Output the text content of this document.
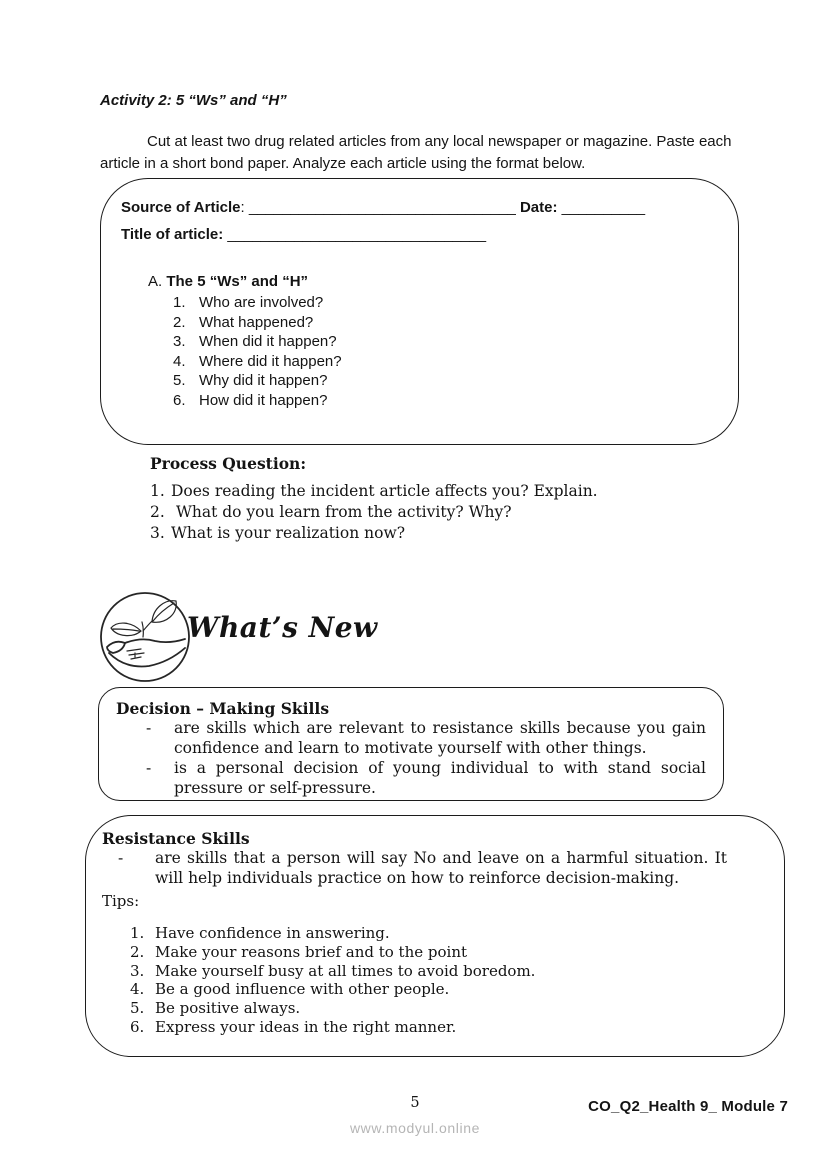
Activity 2: 5 “Ws” and “H”
Cut at least two drug related articles from any local newspaper or magazine. Paste each article in a short bond paper. Analyze each article using the format below.
Source of Article: ________________________________ Date: __________
Title of article: _______________________________
A. The 5 “Ws” and “H”
1. Who are involved?
2. What happened?
3. When did it happen?
4. Where did it happen?
5. Why did it happen?
6. How did it happen?
Process Question:
1. Does reading the incident article affects you? Explain.
2. What do you learn from the activity? Why?
3. What is your realization now?
What’s New
Decision – Making Skills
-	are skills which are relevant to resistance skills because you gain confidence and learn to motivate yourself with other things.
-	is a personal decision of young individual to with stand social pressure or self-pressure.
Resistance Skills
-	are skills that a person will say No and leave on a harmful situation. It will help individuals practice on how to reinforce decision-making.
Tips:
1. Have confidence in answering.
2. Make your reasons brief and to the point
3. Make yourself busy at all times to avoid boredom.
4. Be a good influence with other people.
5. Be positive always.
6. Express your ideas in the right manner.
5
www.modyul.online
CO_Q2_Health 9_ Module 7
